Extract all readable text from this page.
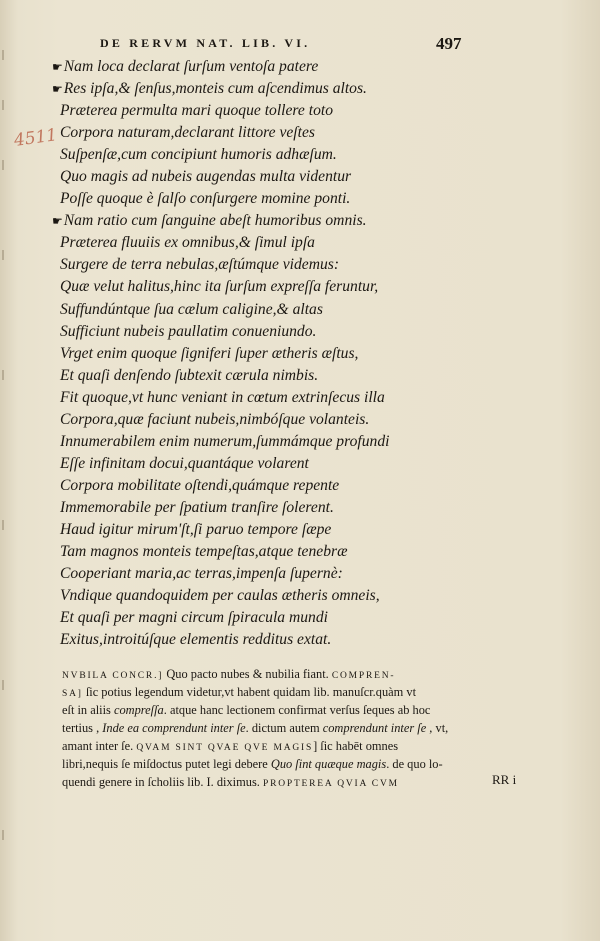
DE RERVM NAT. LIB. VI.	497
4511
☛Nam loca declarat ſurſum ventoſa patere
☛Res ipſa,& ſenſus,monteis cum aſcendimus altos.
Præterea permulta mari quoque tollere toto
Corpora naturam,declarant littore veſtes
Suſpenſæ,cum concipiunt humoris adhæſum.
Quo magis ad nubeis augendas multa videntur
Poſſe quoque è ſalſo conſurgere momine ponti.
☛Nam ratio cum ſanguine abeſt humoribus omnis.
Præterea fluuiis ex omnibus,& ſimul ipſa
Surgere de terra nebulas,æſtúmque videmus:
Quæ velut halitus,hinc ita ſurſum expreſſa feruntur,
Suffundúntque ſua cælum caligine,& altas
Sufficiunt nubeis paullatim conueniundo.
Vrget enim quoque ſigniferi ſuper ætheris æſtus,
Et quaſi denſendo ſubtexit cærula nimbis.
Fit quoque,vt hunc veniant in cœtum extrinſecus illa
Corpora,quæ faciunt nubeis,nimbóſque volanteis.
Innumerabilem enim numerum,ſummámque profundi
Eſſe infinitam docui,quantáque volarent
Corpora mobilitate oſtendi,quámque repente
Immemorabile per ſpatium tranſire ſolerent.
Haud igitur mirum'ſt,ſi paruo tempore ſæpe
Tam magnos monteis tempeſtas,atque tenebræ
Cooperiant maria,ac terras,impenſa ſupernè:
Vndique quandoquidem per caulas ætheris omneis,
Et quaſi per magni circum ſpiracula mundi
Exitus,introitúſque elementis redditus extat.
NVBILA CONCR.] Quo pacto nubes & nubilia fiant. COMPREN-
SA] ſic potius legendum videtur,vt habent quidam lib. manuſcr.quàm vt
eſt in aliis compreſſa. atque hanc lectionem confirmat verſus ſeques ab hoc
tertius , Inde ea comprendunt inter ſe. dictum autem comprendunt inter ſe , vt,
amant inter ſe. QVAM SINT QVAE QVE MAGIS] ſic habēt omnes
libri,nequis ſe miſdoctus putet legi debere Quo ſint quæque magis. de quo lo-
quendi genere in ſcholiis lib. I. diximus. PROPTEREA QVIA CVM	RR i
